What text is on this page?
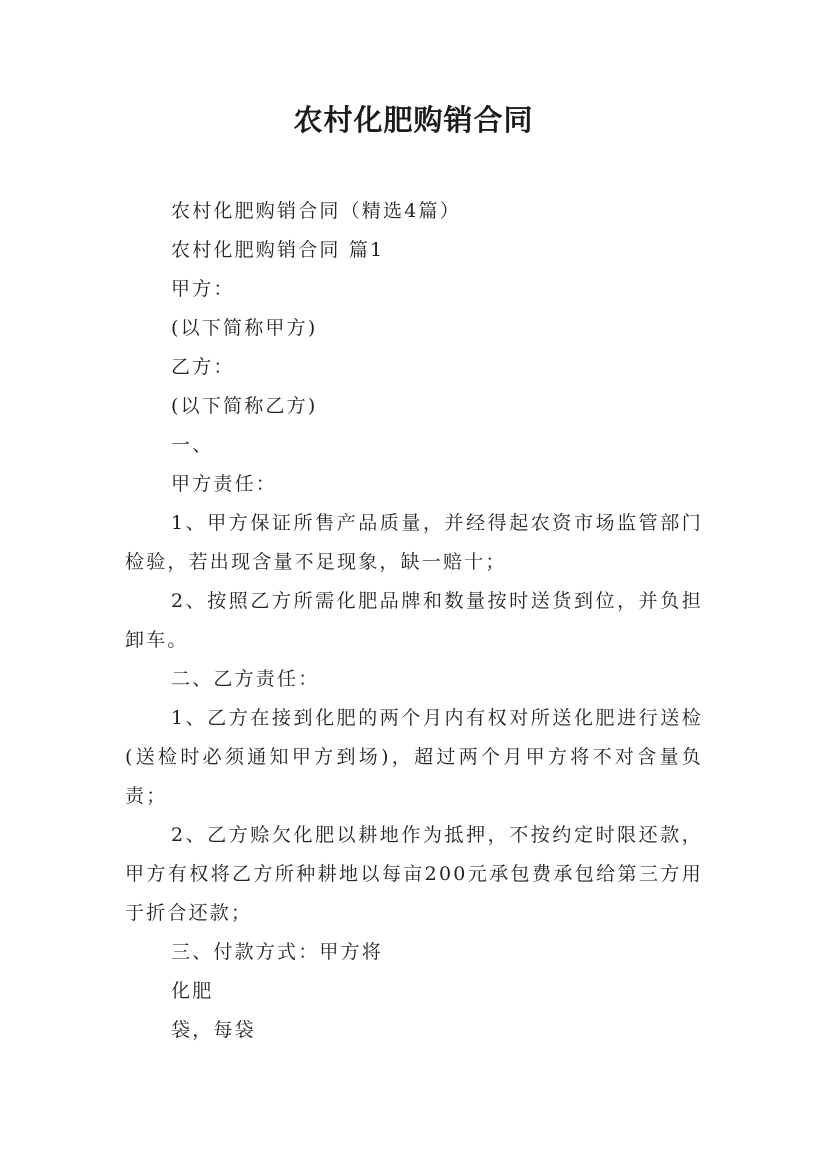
农村化肥购销合同

农村化肥购销合同（精选4篇）

农村化肥购销合同 篇1

甲方：

(以下简称甲方)

乙方：

(以下简称乙方)

一、

甲方责任：

1、甲方保证所售产品质量，并经得起农资市场监管部门检验，若出现含量不足现象，缺一赔十；

2、按照乙方所需化肥品牌和数量按时送货到位，并负担卸车。

二、乙方责任：

1、乙方在接到化肥的两个月内有权对所送化肥进行送检(送检时必须通知甲方到场)，超过两个月甲方将不对含量负责；

2、乙方赊欠化肥以耕地作为抵押，不按约定时限还款，甲方有权将乙方所种耕地以每亩200元承包费承包给第三方用于折合还款；

三、付款方式：甲方将

化肥

袋，每袋
